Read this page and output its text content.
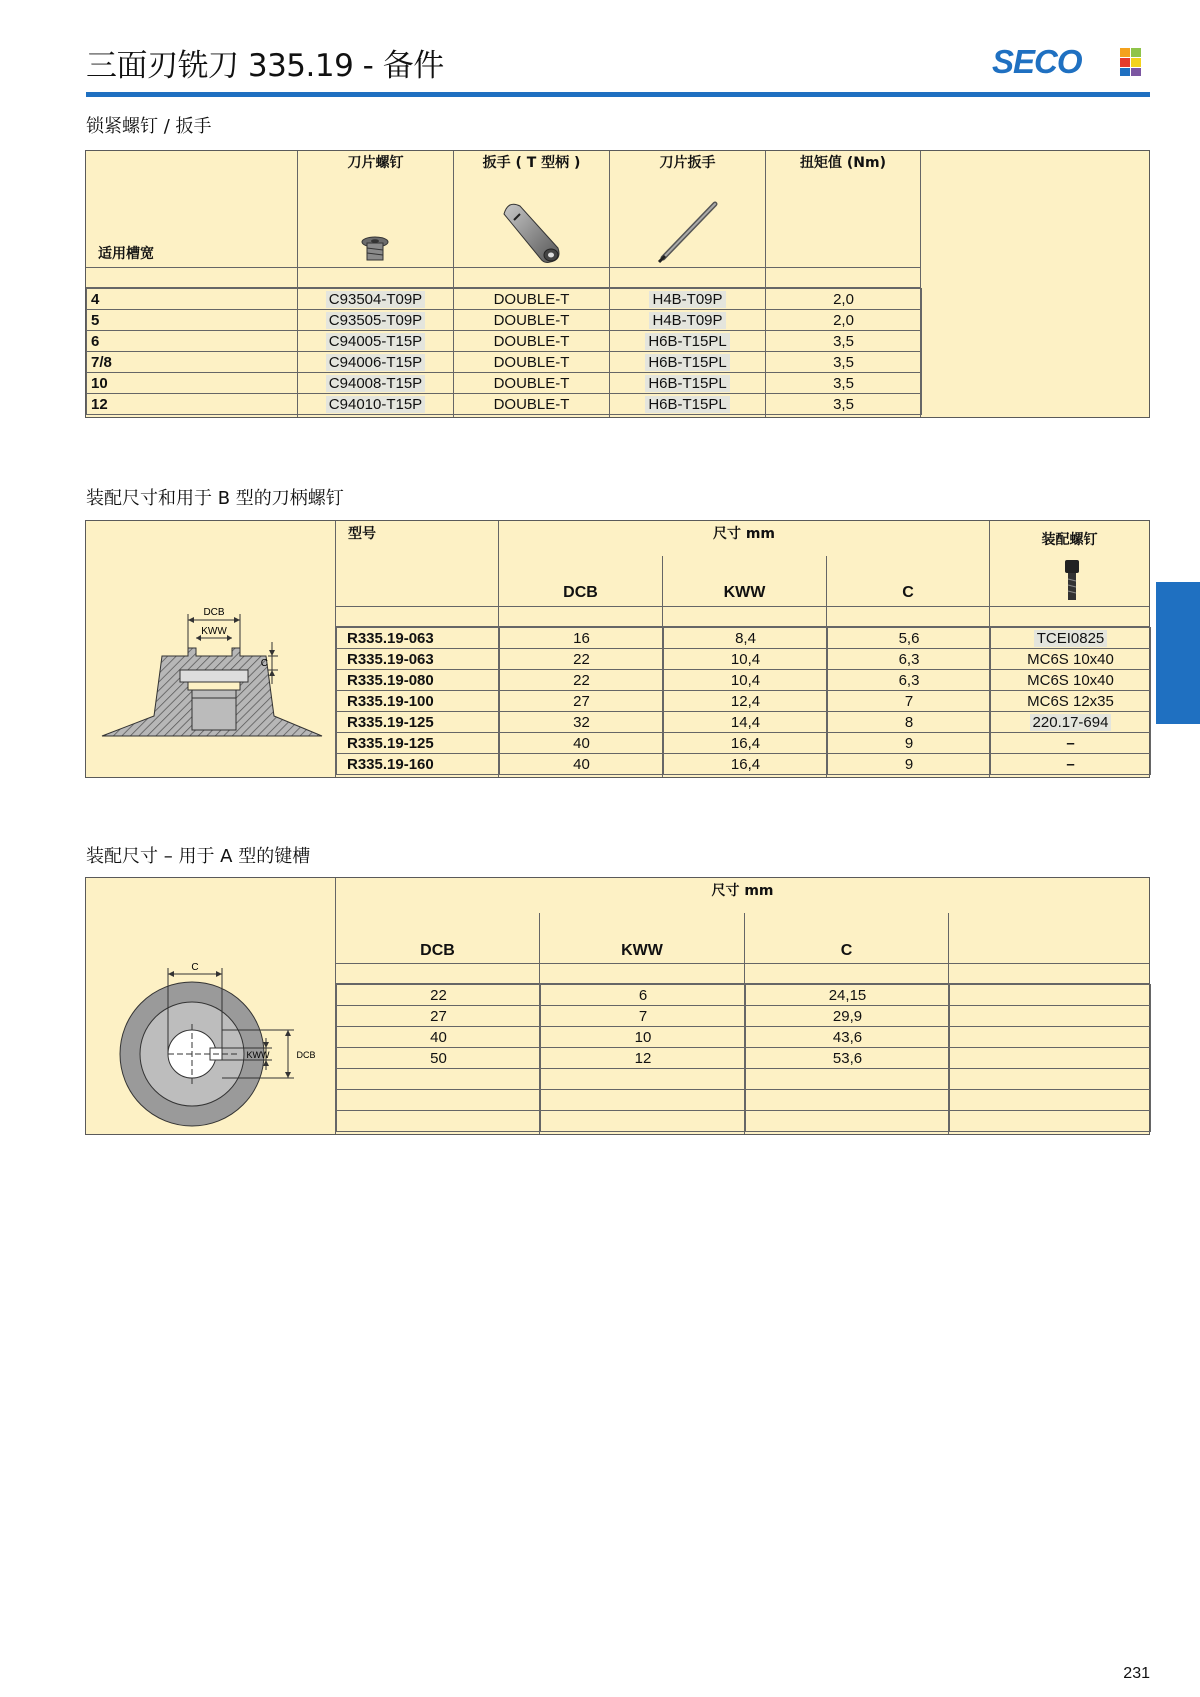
三面刃铣刀 335.19 - 备件	SECO
锁紧螺钉 / 扳手
适用槽宽
刀片螺钉	扳手 ( T 型柄 )	刀片扳手	扭矩值 (Nm)
4	C93504-T09P	DOUBLE-T	H4B-T09P	2,0
5	C93505-T09P	DOUBLE-T	H4B-T09P	2,0
6	C94005-T15P	DOUBLE-T	H6B-T15PL	3,5
7/8	C94006-T15P	DOUBLE-T	H6B-T15PL	3,5
10	C94008-T15P	DOUBLE-T	H6B-T15PL	3,5
12	C94010-T15P	DOUBLE-T	H6B-T15PL	3,5
装配尺寸和用于 B 型的刀柄螺钉
型号	尺寸 mm
DCB	KWW	C
装配螺钉
DCB
KWW
C
R335.19-063	16	8,4	5,6	TCEI0825
R335.19-063	22	10,4	6,3	MC6S 10x40
R335.19-080	22	10,4	6,3	MC6S 10x40
R335.19-100	27	12,4	7	MC6S 12x35
R335.19-125	32	14,4	8	220.17-694
R335.19-125	40	16,4	9	–
R335.19-160	40	16,4	9	–
装配尺寸 – 用于 A 型的键槽
尺寸 mm
DCB	KWW	C
C
KWW	DCB
22	6	24,15	
27	7	29,9	
40	10	43,6	
50	12	53,6	

231
